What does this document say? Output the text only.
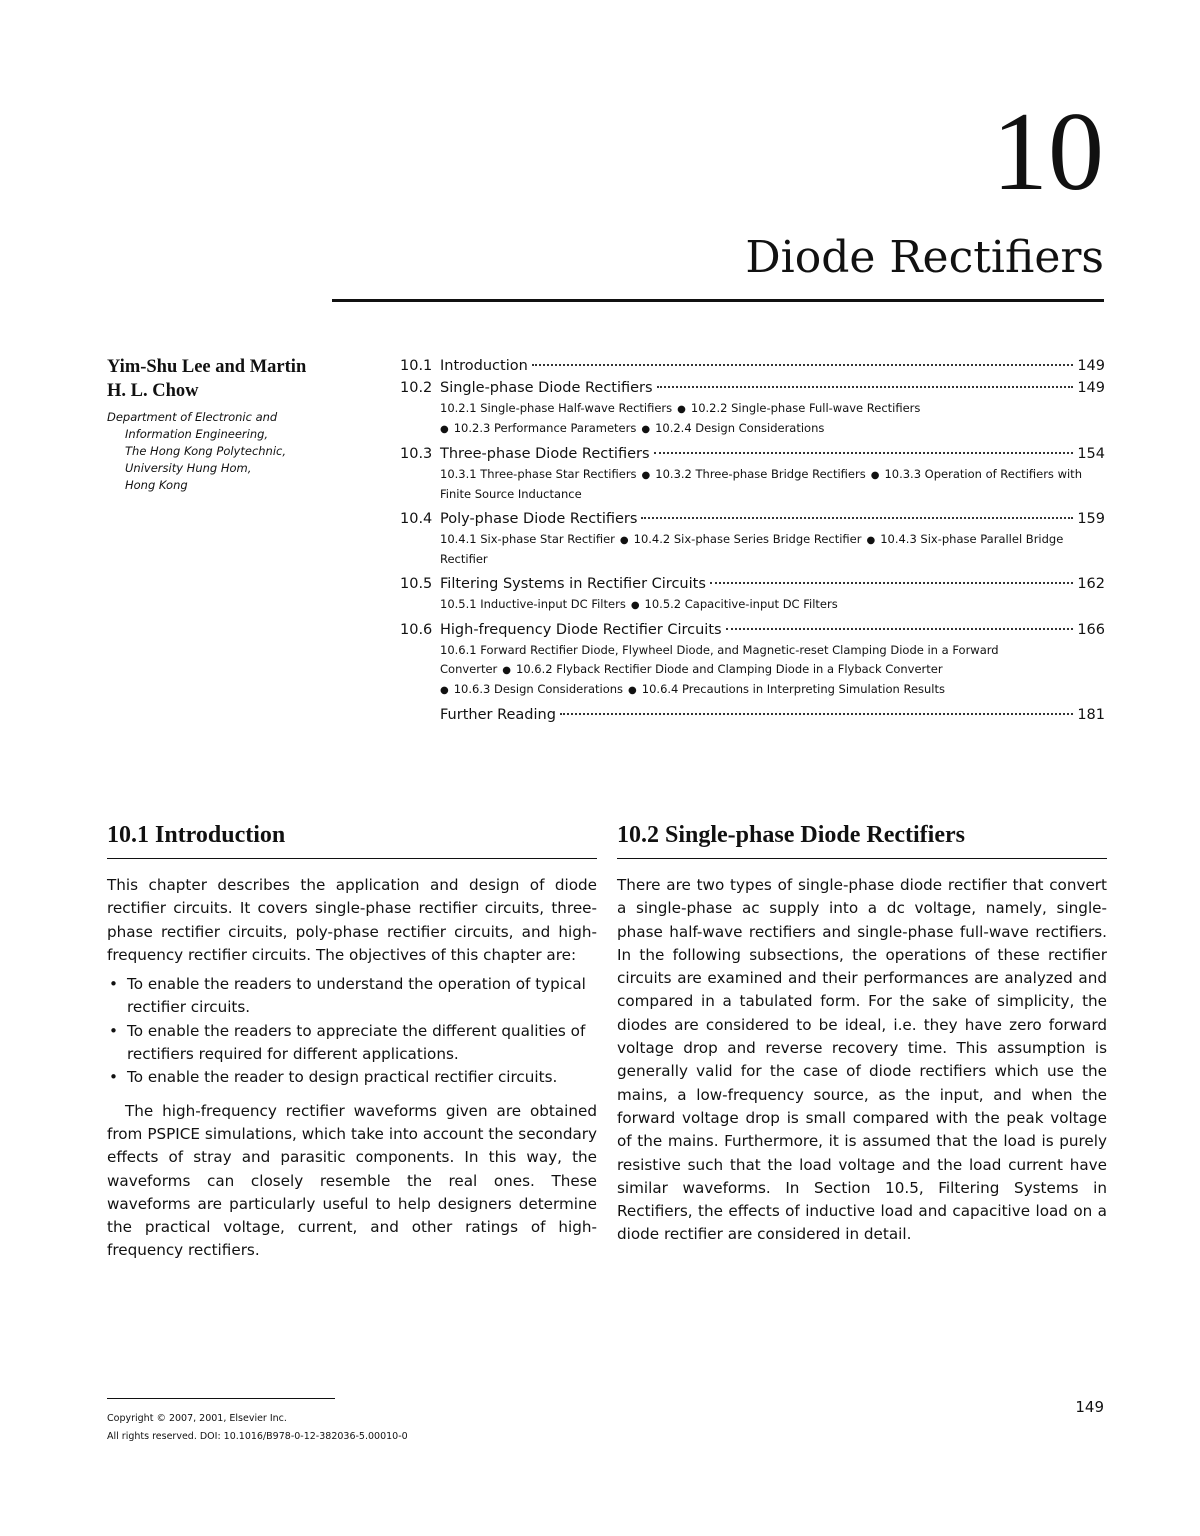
10
Diode Rectifiers

Yim-Shu Lee and Martin
H. L. Chow

Department of Electronic and
Information Engineering,
The Hong Kong Polytechnic,
University Hung Hom,
Hong Kong
10.1 Introduction	149
10.2 Single-phase Diode Rectifiers	149
10.2.1 Single-phase Half-wave Rectifiers ● 10.2.2 Single-phase Full-wave Rectifiers
● 10.2.3 Performance Parameters ● 10.2.4 Design Considerations
10.3 Three-phase Diode Rectifiers	154
10.3.1 Three-phase Star Rectifiers ● 10.3.2 Three-phase Bridge Rectifiers ● 10.3.3 Operation of Rectifiers with Finite Source Inductance
10.4 Poly-phase Diode Rectifiers	159
10.4.1 Six-phase Star Rectifier ● 10.4.2 Six-phase Series Bridge Rectifier ● 10.4.3 Six-phase Parallel Bridge Rectifier
10.5 Filtering Systems in Rectifier Circuits	162
10.5.1 Inductive-input DC Filters ● 10.5.2 Capacitive-input DC Filters
10.6 High-frequency Diode Rectifier Circuits	166
10.6.1 Forward Rectifier Diode, Flywheel Diode, and Magnetic-reset Clamping Diode in a Forward Converter ● 10.6.2 Flyback Rectifier Diode and Clamping Diode in a Flyback Converter
● 10.6.3 Design Considerations ● 10.6.4 Precautions in Interpreting Simulation Results
Further Reading	181
10.1 Introduction

This chapter describes the application and design of diode rectifier circuits. It covers single-phase rectifier circuits, three-phase rectifier circuits, poly-phase rectifier circuits, and high-frequency rectifier circuits. The objectives of this chapter are:

• To enable the readers to understand the operation of typical rectifier circuits.
• To enable the readers to appreciate the different qualities of rectifiers required for different applications.
• To enable the reader to design practical rectifier circuits.

The high-frequency rectifier waveforms given are obtained from PSPICE simulations, which take into account the secondary effects of stray and parasitic components. In this way, the waveforms can closely resemble the real ones. These waveforms are particularly useful to help designers determine the practical voltage, current, and other ratings of high-frequency rectifiers.

10.2 Single-phase Diode Rectifiers

There are two types of single-phase diode rectifier that convert a single-phase ac supply into a dc voltage, namely, single-phase half-wave rectifiers and single-phase full-wave rectifiers. In the following subsections, the operations of these rectifier circuits are examined and their performances are analyzed and compared in a tabulated form. For the sake of simplicity, the diodes are considered to be ideal, i.e. they have zero forward voltage drop and reverse recovery time. This assumption is generally valid for the case of diode rectifiers which use the mains, a low-frequency source, as the input, and when the forward voltage drop is small compared with the peak voltage of the mains. Furthermore, it is assumed that the load is purely resistive such that the load voltage and the load current have similar waveforms. In Section 10.5, Filtering Systems in Rectifiers, the effects of inductive load and capacitive load on a diode rectifier are considered in detail.

Copyright © 2007, 2001, Elsevier Inc.
All rights reserved. DOI: 10.1016/B978-0-12-382036-5.00010-0
149
